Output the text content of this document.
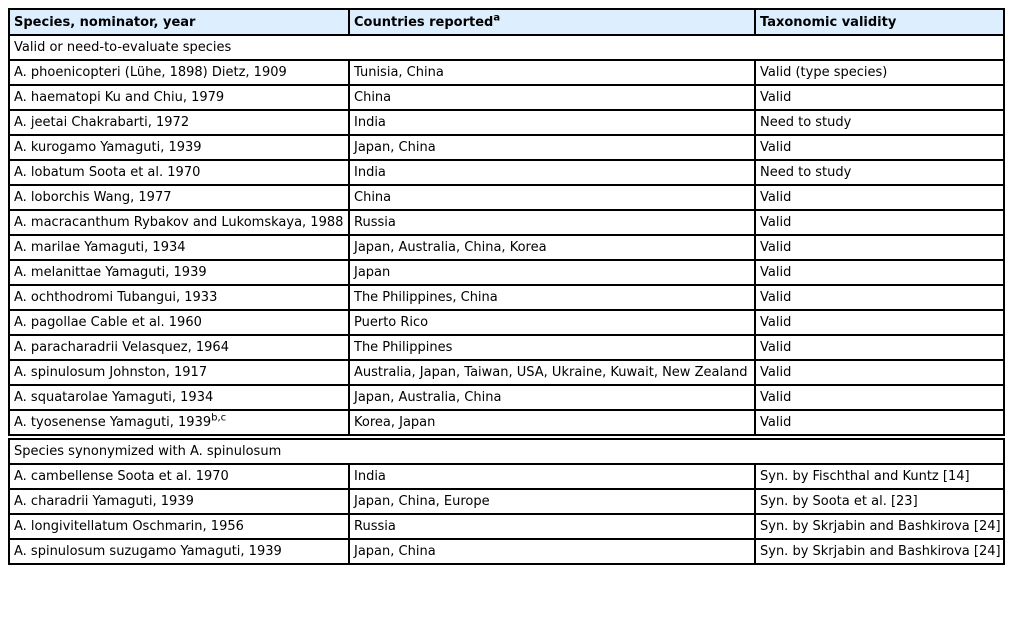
Species, nominator, year	Countries reported$^a$	Taxonomic validity
Valid or need-to-evaluate species		
A. phoenicopteri (Lühe, 1898) Dietz, 1909	Tunisia, China	Valid (type species)
A. haematopi Ku and Chiu, 1979	China	Valid
A. jeetai Chakrabarti, 1972	India	Need to study
A. kurogamo Yamaguti, 1939	Japan, China	Valid
A. lobatum Soota et al. 1970	India	Need to study
A. loborchis Wang, 1977	China	Valid
A. macracanthum Rybakov and Lukomskaya, 1988	Russia	Valid
A. marilae Yamaguti, 1934	Japan, Australia, China, Korea	Valid
A. melanittae Yamaguti, 1939	Japan	Valid
A. ochthodromi Tubangui, 1933	The Philippines, China	Valid
A. pagollae Cable et al. 1960	Puerto Rico	Valid
A. paracharadrii Velasquez, 1964	The Philippines	Valid
A. spinulosum Johnston, 1917	Australia, Japan, Taiwan, USA, Ukraine, Kuwait, New Zealand	Valid
A. squatarolae Yamaguti, 1934	Japan, Australia, China	Valid
A. tyosenense Yamaguti, 1939$^{b,c}$	Korea, Japan	Valid
Species synonymized with A. spinulosum		
A. cambellense Soota et al. 1970	India	Syn. by Fischthal and Kuntz [14]
A. charadrii Yamaguti, 1939	Japan, China, Europe	Syn. by Soota et al. [23]
A. longivitellatum Oschmarin, 1956	Russia	Syn. by Skrjabin and Bashkirova [24]
A. spinulosum suzugamo Yamaguti, 1939	Japan, China	Syn. by Skrjabin and Bashkirova [24]
